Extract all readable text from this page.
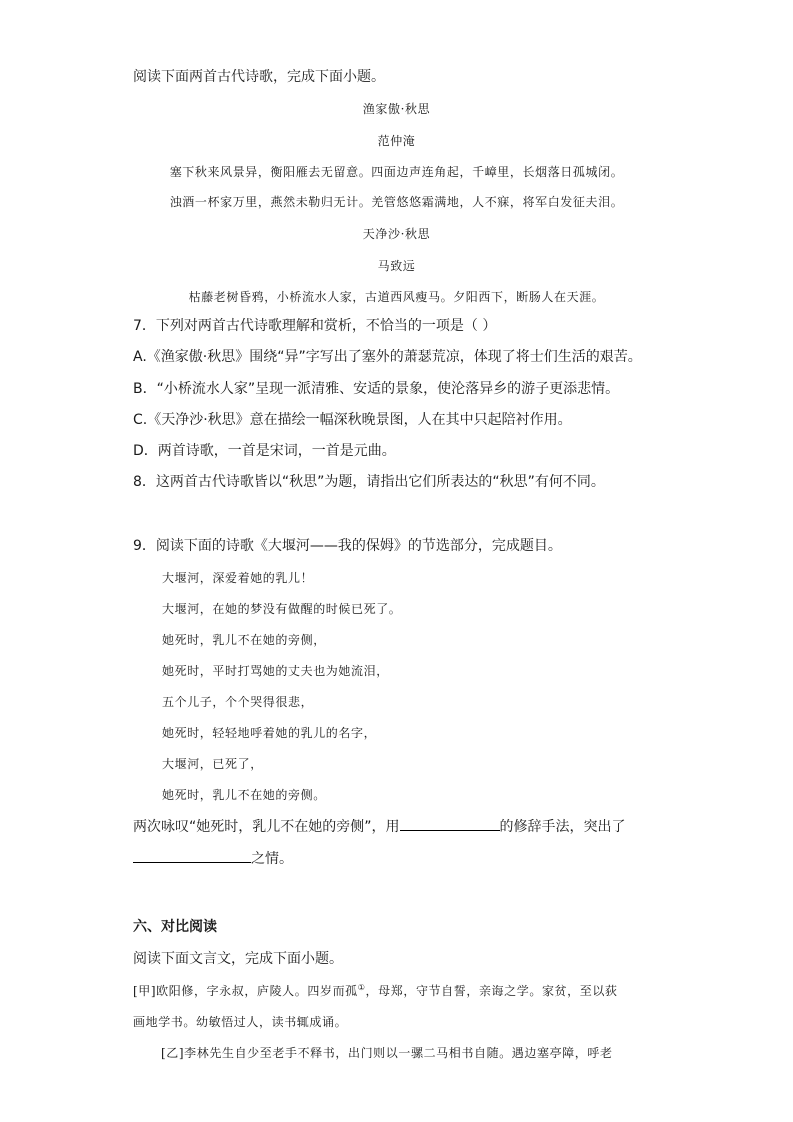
阅读下面两首古代诗歌，完成下面小题。
渔家傲·秋思
范仲淹
塞下秋来风景异，衡阳雁去无留意。四面边声连角起，千嶂里，长烟落日孤城闭。
浊酒一杯家万里，燕然未勒归无计。羌管悠悠霜满地，人不寐，将军白发征夫泪。
天净沙·秋思
马致远
枯藤老树昏鸦，小桥流水人家，古道西风瘦马。夕阳西下，断肠人在天涯。
7．下列对两首古代诗歌理解和赏析，不恰当的一项是（ ）
A.《渔家傲·秋思》围绕“异”字写出了塞外的萧瑟荒凉，体现了将士们生活的艰苦。
B．“小桥流水人家”呈现一派清雅、安适的景象，使沦落异乡的游子更添悲情。
C.《天净沙·秋思》意在描绘一幅深秋晚景图，人在其中只起陪衬作用。
D．两首诗歌，一首是宋词，一首是元曲。
8．这两首古代诗歌皆以“秋思”为题，请指出它们所表达的“秋思”有何不同。
9．阅读下面的诗歌《大堰河——我的保姆》的节选部分，完成题目。
大堰河，深爱着她的乳儿！
大堰河，在她的梦没有做醒的时候已死了。
她死时，乳儿不在她的旁侧，
她死时，平时打骂她的丈夫也为她流泪，
五个儿子，个个哭得很悲，
她死时，轻轻地呼着她的乳儿的名字，
大堰河，已死了，
她死时，乳儿不在她的旁侧。
两次咏叹“她死时，乳儿不在她的旁侧”，用	的修辞手法，突出了
之情。
六、对比阅读
阅读下面文言文，完成下面小题。
[甲]欧阳修，字永叔，庐陵人。四岁而孤①，母郑，守节自誓，亲诲之学。家贫，至以荻
画地学书。幼敏悟过人，读书辄成诵。
[乙]李林先生自少至老手不释书，出门则以一骡二马相书自随。遇边塞亭障，呼老
